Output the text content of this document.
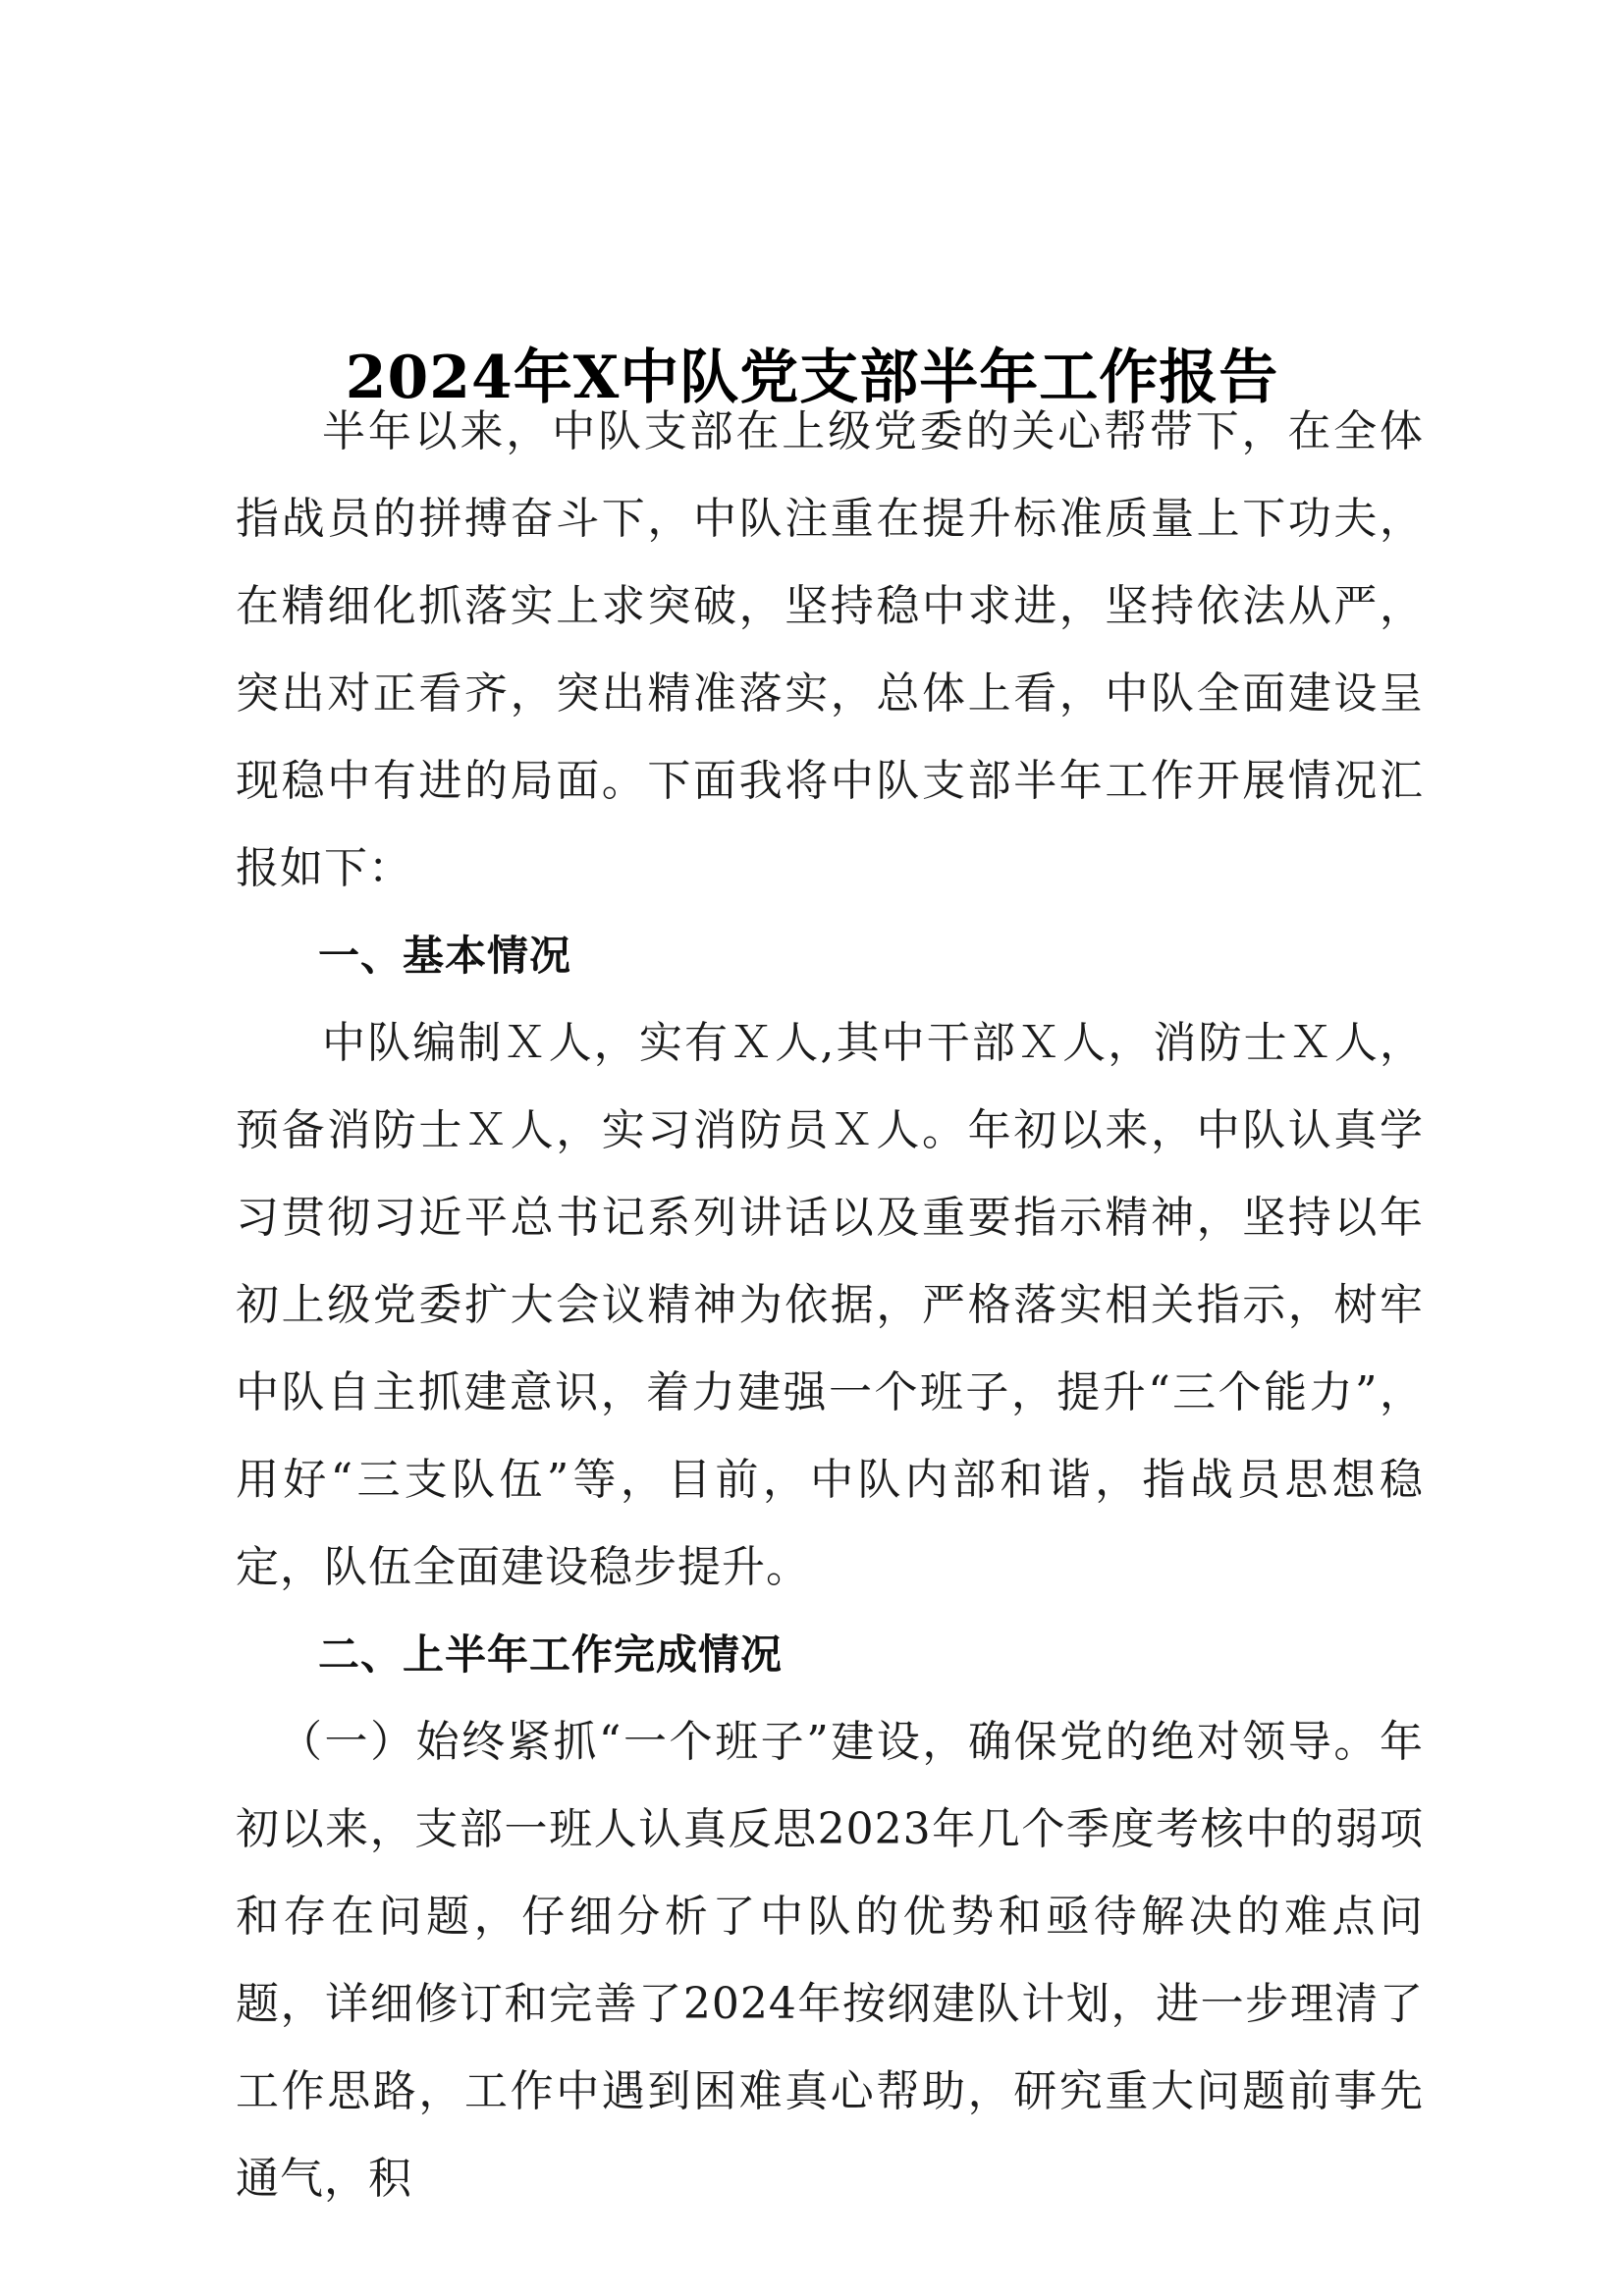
2024年X中队党支部半年工作报告

半年以来，中队支部在上级党委的关心帮带下，在全体指战员的拼搏奋斗下，中队注重在提升标准质量上下功夫，在精细化抓落实上求突破，坚持稳中求进，坚持依法从严，突出对正看齐，突出精准落实，总体上看，中队全面建设呈现稳中有进的局面。下面我将中队支部半年工作开展情况汇报如下：

一、基本情况

中队编制Ｘ人，实有Ｘ人,其中干部Ｘ人，消防士Ｘ人，预备消防士Ｘ人，实习消防员Ｘ人。年初以来，中队认真学习贯彻习近平总书记系列讲话以及重要指示精神，坚持以年初上级党委扩大会议精神为依据，严格落实相关指示，树牢中队自主抓建意识，着力建强一个班子，提升“三个能力”，用好“三支队伍”等，目前，中队内部和谐，指战员思想稳定，队伍全面建设稳步提升。

二、上半年工作完成情况

（一）始终紧抓“一个班子”建设，确保党的绝对领导。年初以来，支部一班人认真反思2023年几个季度考核中的弱项和存在问题，仔细分析了中队的优势和亟待解决的难点问题，详细修订和完善了2024年按纲建队计划，进一步理清了工作思路，工作中遇到困难真心帮助，研究重大问题前事先通气，积
